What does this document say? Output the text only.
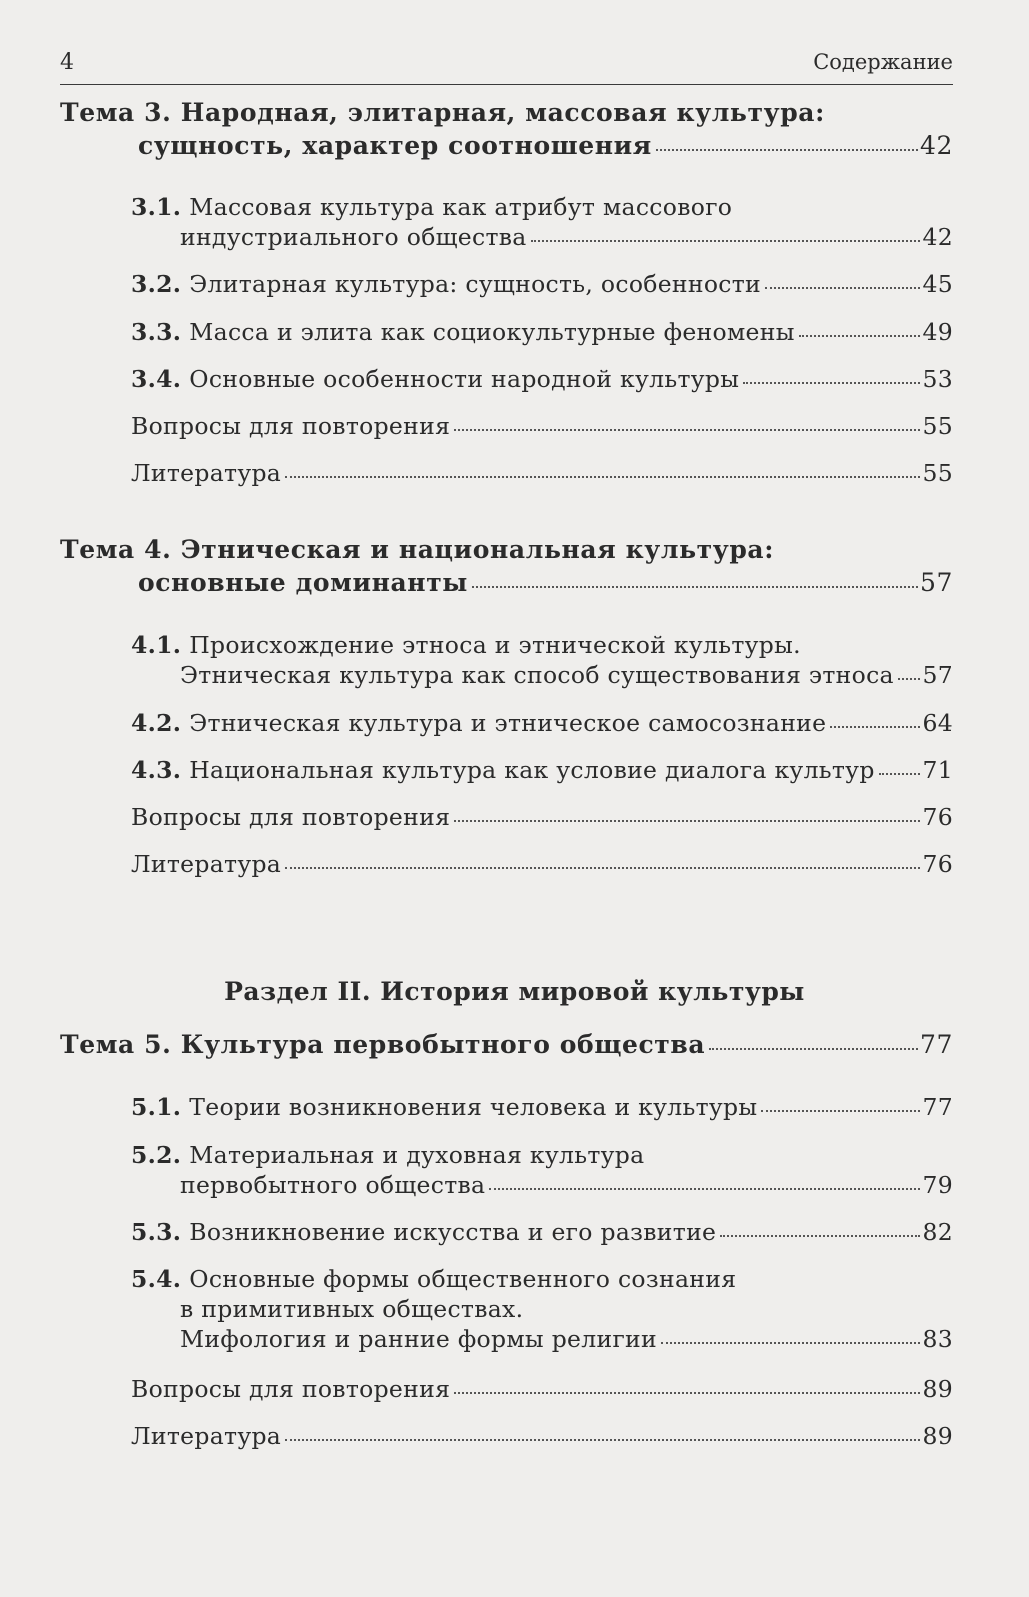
4	Содержание
Тема 3. Народная, элитарная, массовая культура:
сущность, характер соотношения	42
3.1. Массовая культура как атрибут массового
индустриального общества	42
3.2. Элитарная культура: сущность, особенности	45
3.3. Масса и элита как социокультурные феномены	49
3.4. Основные особенности народной культуры	53
Вопросы для повторения	55
Литература	55
Тема 4. Этническая и национальная культура:
основные доминанты	57
4.1. Происхождение этноса и этнической культуры.
Этническая культура как способ существования этноса 57
4.2. Этническая культура и этническое самосознание	64
4.3. Национальная культура как условие диалога культур 71
Вопросы для повторения	76
Литература	76
Раздел II. История мировой культуры
Тема 5. Культура первобытного общества	77
5.1. Теории возникновения человека и культуры	77
5.2. Материальная и духовная культура
первобытного общества	79
5.3. Возникновение искусства и его развитие	82
5.4. Основные формы общественного сознания
в примитивных обществах.
Мифология и ранние формы религии	83
Вопросы для повторения	89
Литература	89
